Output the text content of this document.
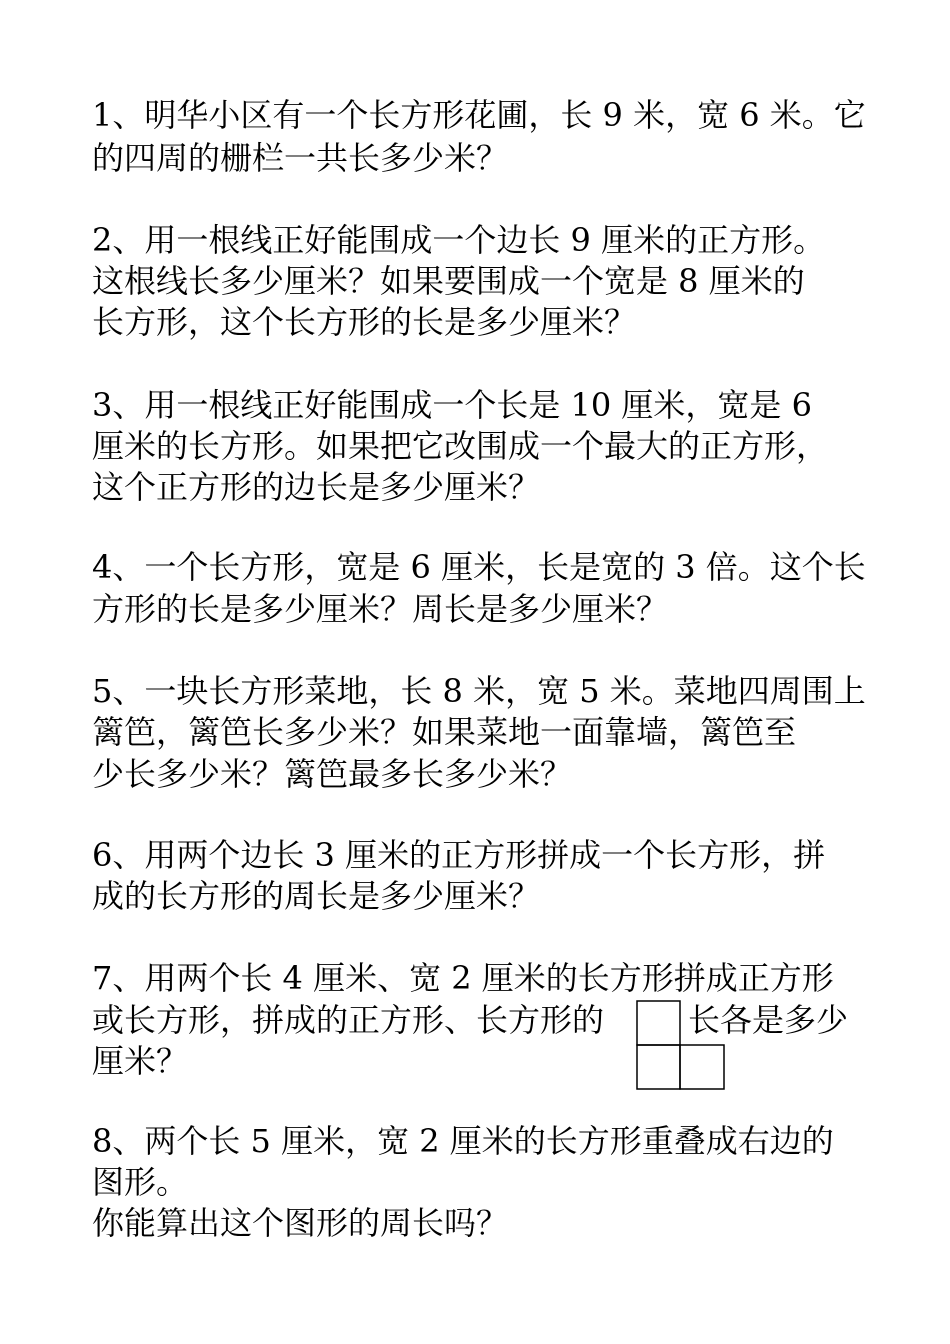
1、明华小区有一个长方形花圃，长 9 米，宽 6 米。它
的四周的栅栏一共长多少米？
2、用一根线正好能围成一个边长 9 厘米的正方形。
这根线长多少厘米？如果要围成一个宽是 8 厘米的
长方形，这个长方形的长是多少厘米？
3、用一根线正好能围成一个长是 10 厘米，宽是 6
厘米的长方形。如果把它改围成一个最大的正方形，
这个正方形的边长是多少厘米？
4、一个长方形，宽是 6 厘米，长是宽的 3 倍。这个长
方形的长是多少厘米？周长是多少厘米？
5、一块长方形菜地，长 8 米，宽 5 米。菜地四周围上
篱笆，篱笆长多少米？如果菜地一面靠墙，篱笆至
少长多少米？篱笆最多长多少米？
6、用两个边长 3 厘米的正方形拼成一个长方形，拼
成的长方形的周长是多少厘米？
7、用两个长 4 厘米、宽 2 厘米的长方形拼成正方形
或长方形，拼成的正方形、长方形的	长各是多少
厘米？
8、两个长 5 厘米，宽 2 厘米的长方形重叠成右边的
图形。
你能算出这个图形的周长吗？
